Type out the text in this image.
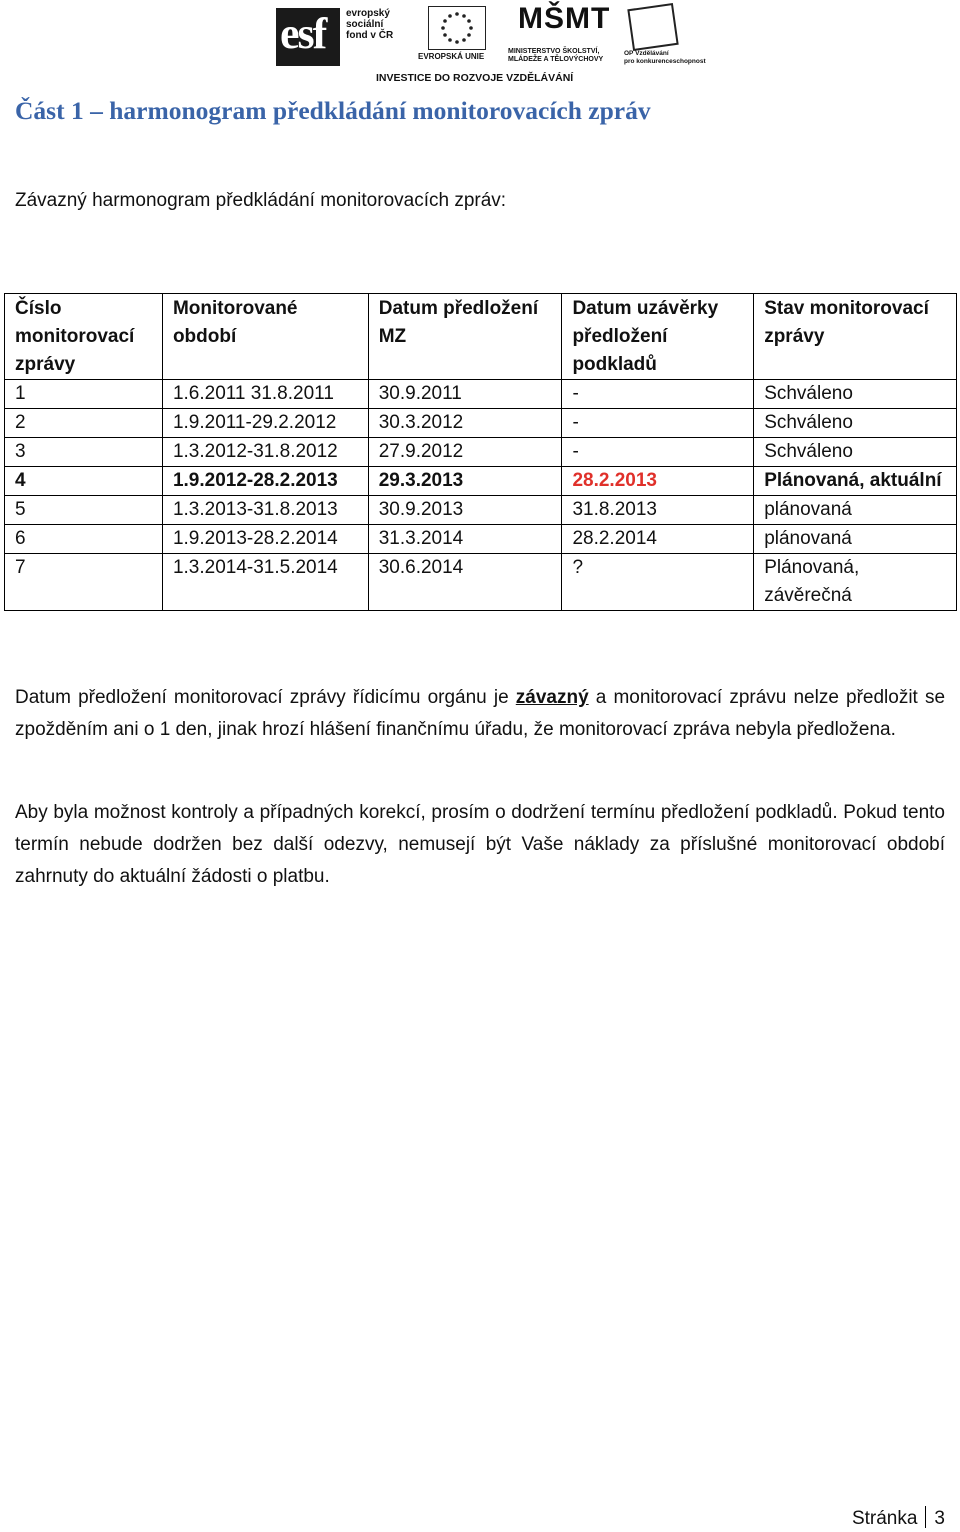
esf evropský
sociální
fond v ČR
EVROPSKÁ UNIE
MŠMT
MINISTERSTVO ŠKOLSTVÍ,
MLÁDEŽE A TĚLOVÝCHOVY
OP Vzdělávání
pro konkurenceschopnost
INVESTICE DO ROZVOJE VZDĚLÁVÁNÍ
Část 1 – harmonogram předkládání monitorovacích zpráv
Závazný harmonogram předkládání monitorovacích zpráv:
Číslo monitorovací zprávy	Monitorované období	Datum předložení MZ	Datum uzávěrky předložení podkladů	Stav monitorovací zprávy
1	1.6.2011 31.8.2011	30.9.2011	-	Schváleno
2	1.9.2011-29.2.2012	30.3.2012	-	Schváleno
3	1.3.2012-31.8.2012	27.9.2012	-	Schváleno
4	1.9.2012-28.2.2013	29.3.2013	28.2.2013	Plánovaná, aktuální
5	1.3.2013-31.8.2013	30.9.2013	31.8.2013	plánovaná
6	1.9.2013-28.2.2014	31.3.2014	28.2.2014	plánovaná
7	1.3.2014-31.5.2014	30.6.2014	?	Plánovaná, závěrečná

Datum předložení monitorovací zprávy řídicímu orgánu je závazný a monitorovací zprávu nelze předložit se zpožděním ani o 1 den, jinak hrozí hlášení finančnímu úřadu, že monitorovací zpráva nebyla předložena.

Aby byla možnost kontroly a případných korekcí, prosím o dodržení termínu předložení podkladů. Pokud tento termín nebude dodržen bez další odezvy, nemusejí být Vaše náklady za příslušné monitorovací období zahrnuty do aktuální žádosti o platbu.

Stránka 3
